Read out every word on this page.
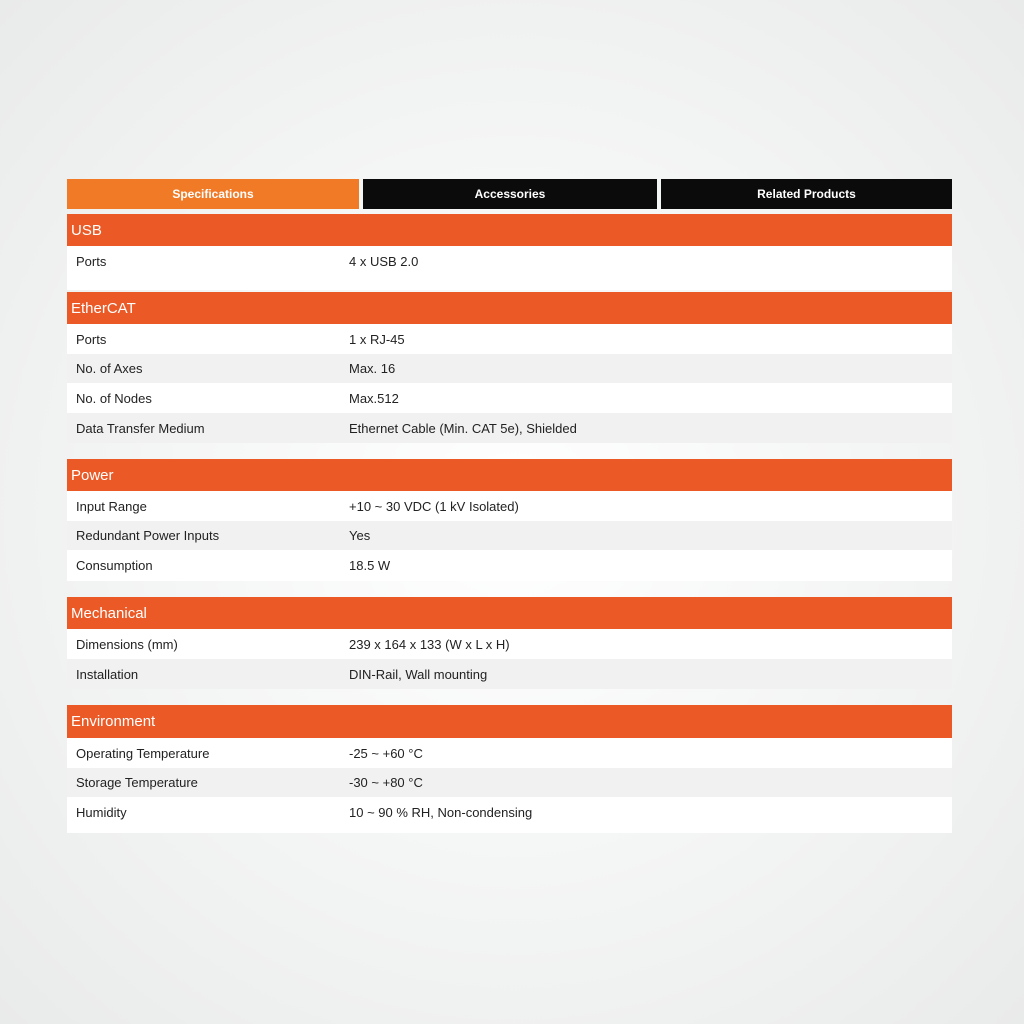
Specifications	Accessories	Related Products
USB
Ports	4 x USB 2.0
EtherCAT
Ports	1 x RJ-45
No. of Axes	Max. 16
No. of Nodes	Max.512
Data Transfer Medium	Ethernet Cable (Min. CAT 5e), Shielded
Power
Input Range	+10 ~ 30 VDC (1 kV Isolated)
Redundant Power Inputs	Yes
Consumption	18.5 W
Mechanical
Dimensions (mm)	239 x 164 x 133 (W x L x H)
Installation	DIN-Rail, Wall mounting
Environment
Operating Temperature	-25 ~ +60 °C
Storage Temperature	-30 ~ +80 °C
Humidity	10 ~ 90 % RH, Non-condensing
